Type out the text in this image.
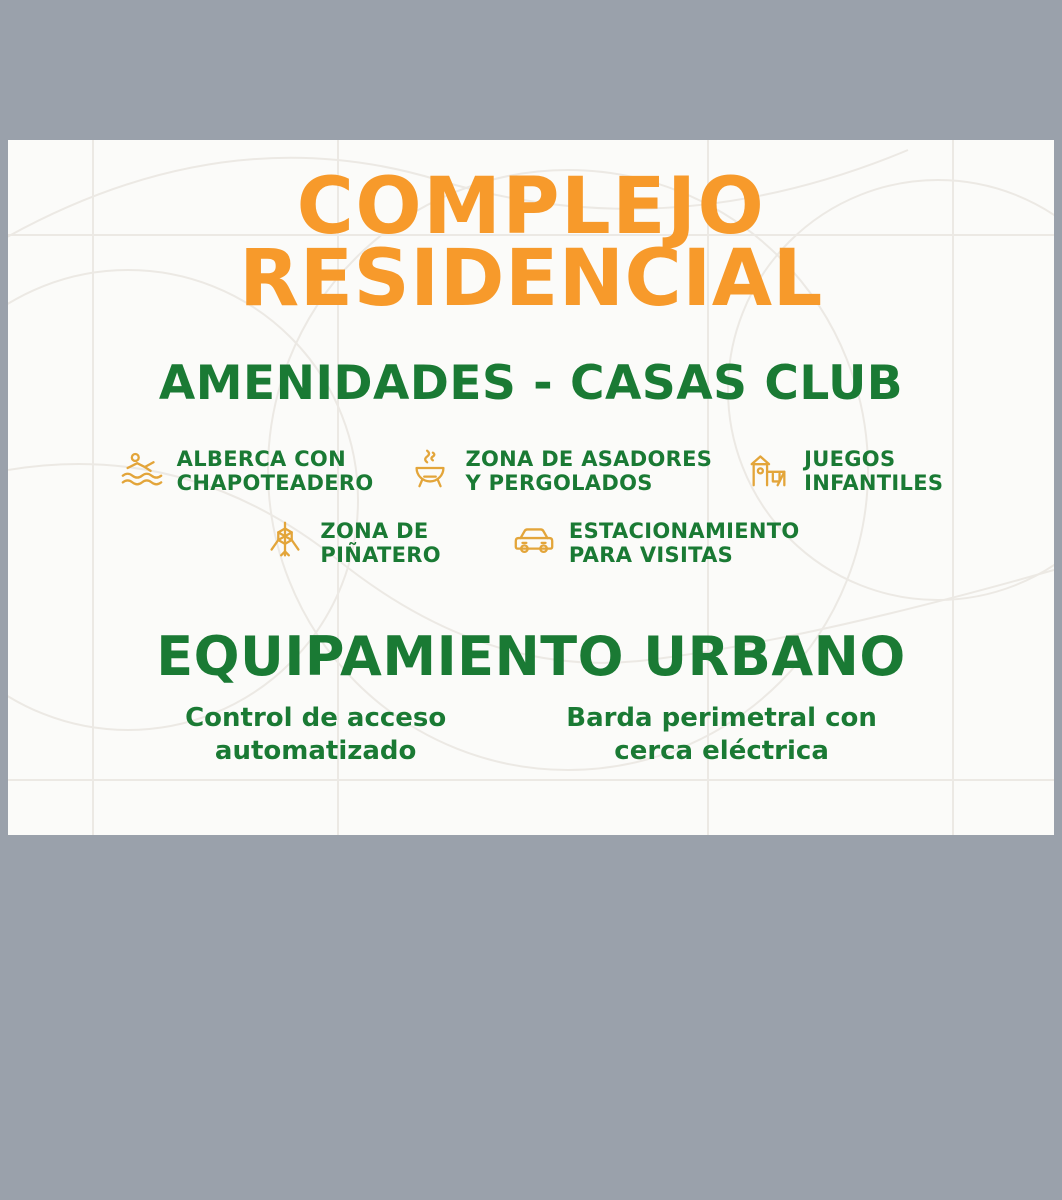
COMPLEJO
RESIDENCIAL
AMENIDADES - CASAS CLUB
ALBERCA CON
CHAPOTEADERO
ZONA DE ASADORES
Y PERGOLADOS
JUEGOS
INFANTILES
ZONA DE
PIÑATERO
ESTACIONAMIENTO
PARA VISITAS
EQUIPAMIENTO URBANO
Control de acceso
automatizado
Barda perimetral con
cerca eléctrica
